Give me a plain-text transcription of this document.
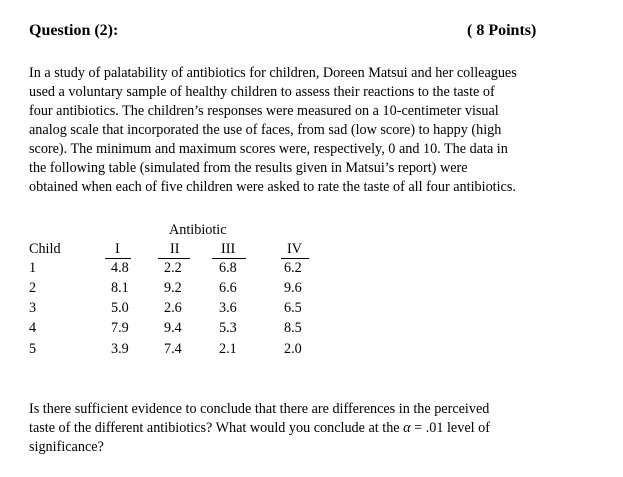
Question (2):	( 8 Points)
In a study of palatability of antibiotics for children, Doreen Matsui and her colleagues
used a voluntary sample of healthy children to assess their reactions to the taste of
four antibiotics. The children’s responses were measured on a 10-centimeter visual
analog scale that incorporated the use of faces, from sad (low score) to happy (high
score). The minimum and maximum scores were, respectively, 0 and 10. The data in
the following table (simulated from the results given in Matsui’s report) were
obtained when each of five children were asked to rate the taste of all four antibiotics.
Antibiotic
Child	I	II	III	IV
1	4.8 2.2	6.8	6.2
2	8.1 9.2	6.6	9.6
3	5.0 2.6	3.6	6.5
4	7.9 9.4	5.3	8.5
5	3.9 7.4	2.1	2.0
Is there sufficient evidence to conclude that there are differences in the perceived
taste of the different antibiotics? What would you conclude at the α = .01 level of
significance?
